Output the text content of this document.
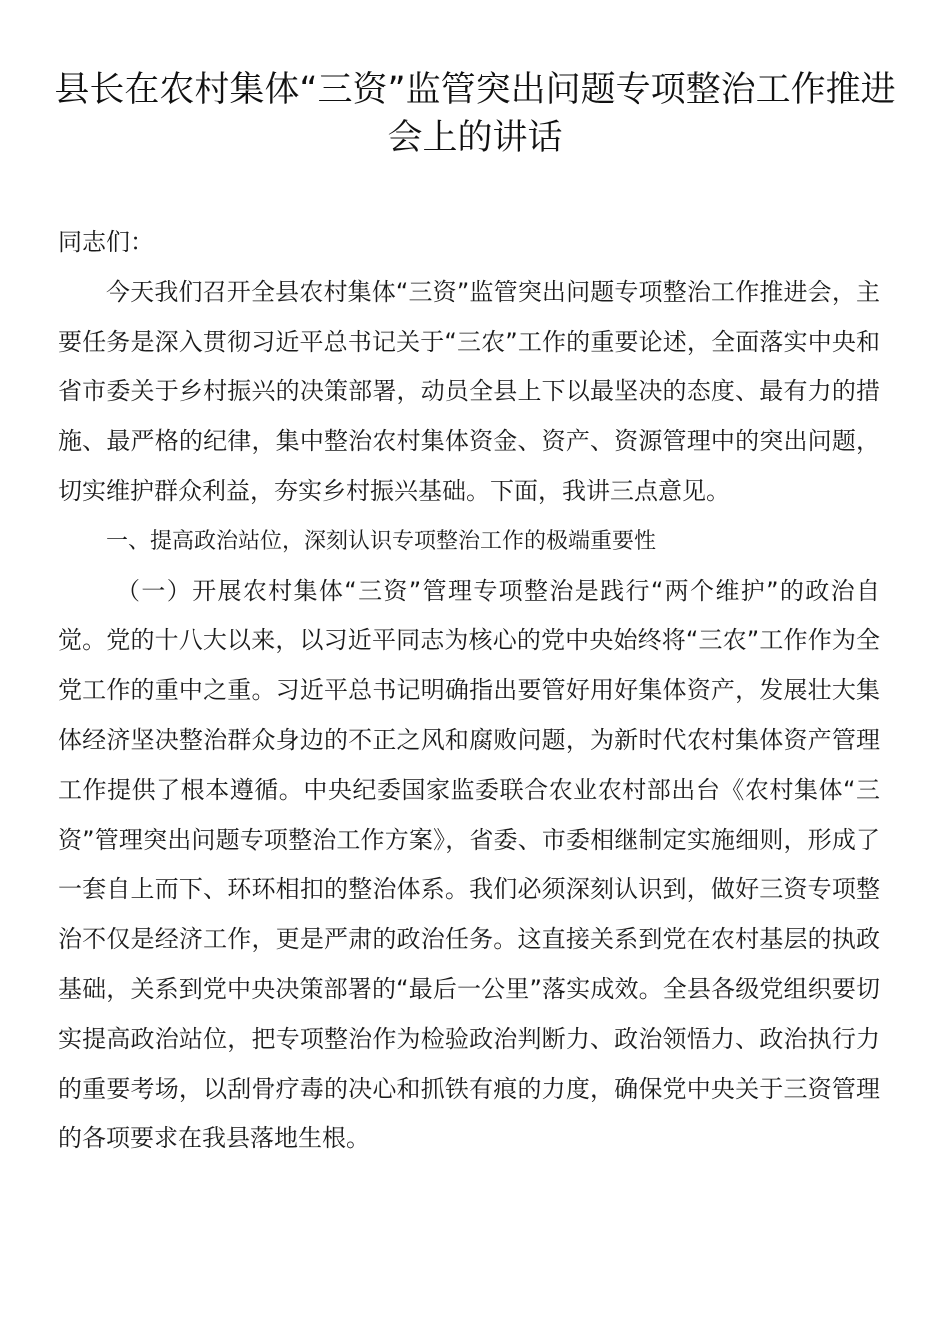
县长在农村集体“三资”监管突出问题专项整治工作推进会上的讲话

同志们：

今天我们召开全县农村集体“三资”监管突出问题专项整治工作推进会，主要任务是深入贯彻习近平总书记关于“三农”工作的重要论述，全面落实中央和省市委关于乡村振兴的决策部署，动员全县上下以最坚决的态度、最有力的措施、最严格的纪律，集中整治农村集体资金、资产、资源管理中的突出问题，切实维护群众利益，夯实乡村振兴基础。下面，我讲三点意见。

一、提高政治站位，深刻认识专项整治工作的极端重要性

（一）开展农村集体“三资”管理专项整治是践行“两个维护”的政治自觉。党的十八大以来，以习近平同志为核心的党中央始终将“三农”工作作为全党工作的重中之重。习近平总书记明确指出要管好用好集体资产，发展壮大集体经济坚决整治群众身边的不正之风和腐败问题，为新时代农村集体资产管理工作提供了根本遵循。中央纪委国家监委联合农业农村部出台《农村集体“三资”管理突出问题专项整治工作方案》，省委、市委相继制定实施细则，形成了一套自上而下、环环相扣的整治体系。我们必须深刻认识到，做好三资专项整治不仅是经济工作，更是严肃的政治任务。这直接关系到党在农村基层的执政基础，关系到党中央决策部署的“最后一公里”落实成效。全县各级党组织要切实提高政治站位，把专项整治作为检验政治判断力、政治领悟力、政治执行力的重要考场，以刮骨疗毒的决心和抓铁有痕的力度，确保党中央关于三资管理的各项要求在我县落地生根。
